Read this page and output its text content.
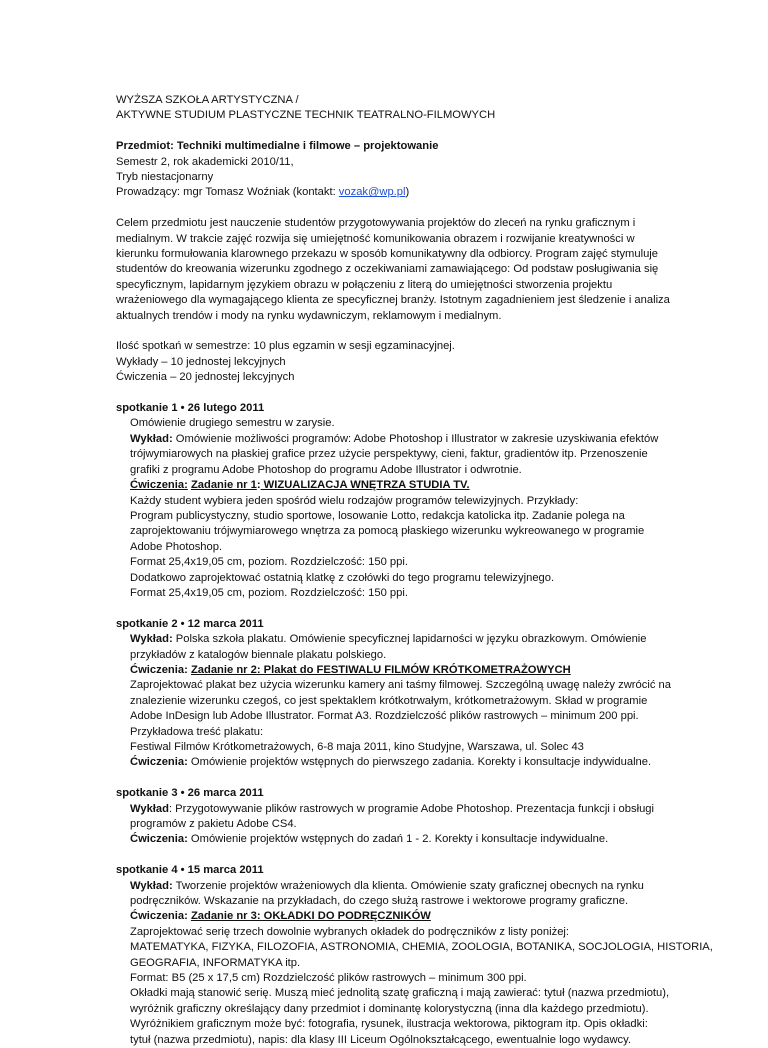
WYŻSZA SZKOŁA ARTYSTYCZNA /
AKTYWNE STUDIUM PLASTYCZNE TECHNIK TEATRALNO-FILMOWYCH
Przedmiot: Techniki multimedialne i filmowe – projektowanie
Semestr 2, rok akademicki 2010/11,
Tryb niestacjonarny
Prowadzący: mgr Tomasz Woźniak (kontakt: vozak@wp.pl)
Celem przedmiotu jest nauczenie studentów przygotowywania projektów do zleceń na rynku graficznym i
medialnym. W trakcie zajęć rozwija się umiejętność komunikowania obrazem i rozwijanie kreatywności w
kierunku formułowania klarownego przekazu w sposób komunikatywny dla odbiorcy. Program zajęć stymuluje
studentów do kreowania wizerunku zgodnego z oczekiwaniami zamawiającego: Od podstaw posługiwania się
specyficznym, lapidarnym językiem obrazu w połączeniu z literą do umiejętności stworzenia projektu
wrażeniowego dla wymagającego klienta ze specyficznej branży. Istotnym zagadnieniem jest śledzenie i analiza
aktualnych trendów i mody na rynku wydawniczym, reklamowym i medialnym.
Ilość spotkań w semestrze: 10 plus egzamin w sesji egzaminacyjnej.
Wykłady – 10 jednostej lekcyjnych
Ćwiczenia – 20 jednostej lekcyjnych
spotkanie 1 • 26 lutego 2011
Omówienie drugiego semestru w zarysie.
Wykład: Omówienie możliwości programów: Adobe Photoshop i Illustrator w zakresie uzyskiwania efektów
trójwymiarowych na płaskiej grafice przez użycie perspektywy, cieni, faktur, gradientów itp. Przenoszenie
grafiki z programu Adobe Photoshop do programu Adobe Illustrator i odwrotnie.
Ćwiczenia: Zadanie nr 1: WIZUALIZACJA WNĘTRZA STUDIA TV.
Każdy student wybiera jeden spośród wielu rodzajów programów telewizyjnych. Przykłady:
Program publicystyczny, studio sportowe, losowanie Lotto, redakcja katolicka itp. Zadanie polega na
zaprojektowaniu trójwymiarowego wnętrza za pomocą płaskiego wizerunku wykreowanego w programie
Adobe Photoshop.
Format 25,4x19,05 cm, poziom. Rozdzielczość: 150 ppi.
Dodatkowo zaprojektować ostatnią klatkę z czołówki do tego programu telewizyjnego.
Format 25,4x19,05 cm, poziom. Rozdzielczość: 150 ppi.
spotkanie 2 • 12 marca 2011
Wykład: Polska szkoła plakatu. Omówienie specyficznej lapidarności w języku obrazkowym. Omówienie
przykładów z katalogów biennale plakatu polskiego.
Ćwiczenia: Zadanie nr 2: Plakat do FESTIWALU FILMÓW KRÓTKOMETRAŻOWYCH
Zaprojektować plakat bez użycia wizerunku kamery ani taśmy filmowej. Szczególną uwagę należy zwrócić na
znalezienie wizerunku czegoś, co jest spektaklem krótkotrwałym, krótkometrażowym. Skład w programie
Adobe InDesign lub Adobe Illustrator. Format A3. Rozdzielczość plików rastrowych – minimum 200 ppi.
Przykładowa treść plakatu:
Festiwal Filmów Krótkometrażowych, 6-8 maja 2011, kino Studyjne, Warszawa, ul. Solec 43
Ćwiczenia: Omówienie projektów wstępnych do pierwszego zadania. Korekty i konsultacje indywidualne.
spotkanie 3 • 26 marca 2011
Wykład: Przygotowywanie plików rastrowych w programie Adobe Photoshop. Prezentacja funkcji i obsługi
programów z pakietu Adobe CS4.
Ćwiczenia: Omówienie projektów wstępnych do zadań 1 - 2. Korekty i konsultacje indywidualne.
spotkanie 4 • 15 marca 2011
Wykład: Tworzenie projektów wrażeniowych dla klienta. Omówienie szaty graficznej obecnych na rynku
podręczników. Wskazanie na przykładach, do czego służą rastrowe i wektorowe programy graficzne.
Ćwiczenia: Zadanie nr 3: OKŁADKI DO PODRĘCZNIKÓW
Zaprojektować serię trzech dowolnie wybranych okładek do podręczników z listy poniżej:
MATEMATYKA, FIZYKA, FILOZOFIA, ASTRONOMIA, CHEMIA, ZOOLOGIA, BOTANIKA, SOCJOLOGIA, HISTORIA,
GEOGRAFIA, INFORMATYKA itp.
Format: B5 (25 x 17,5 cm) Rozdzielczość plików rastrowych – minimum 300 ppi.
Okładki mają stanowić serię. Muszą mieć jednolitą szatę graficzną i mają zawierać: tytuł (nazwa przedmiotu),
wyróżnik graficzny określający dany przedmiot i dominantę kolorystyczną (inna dla każdego przedmiotu).
Wyróżnikiem graficznym może być: fotografia, rysunek, ilustracja wektorowa, piktogram itp. Opis okładki:
tytuł (nazwa przedmiotu), napis: dla klasy III Liceum Ogólnokształcącego, ewentualnie logo wydawcy.
